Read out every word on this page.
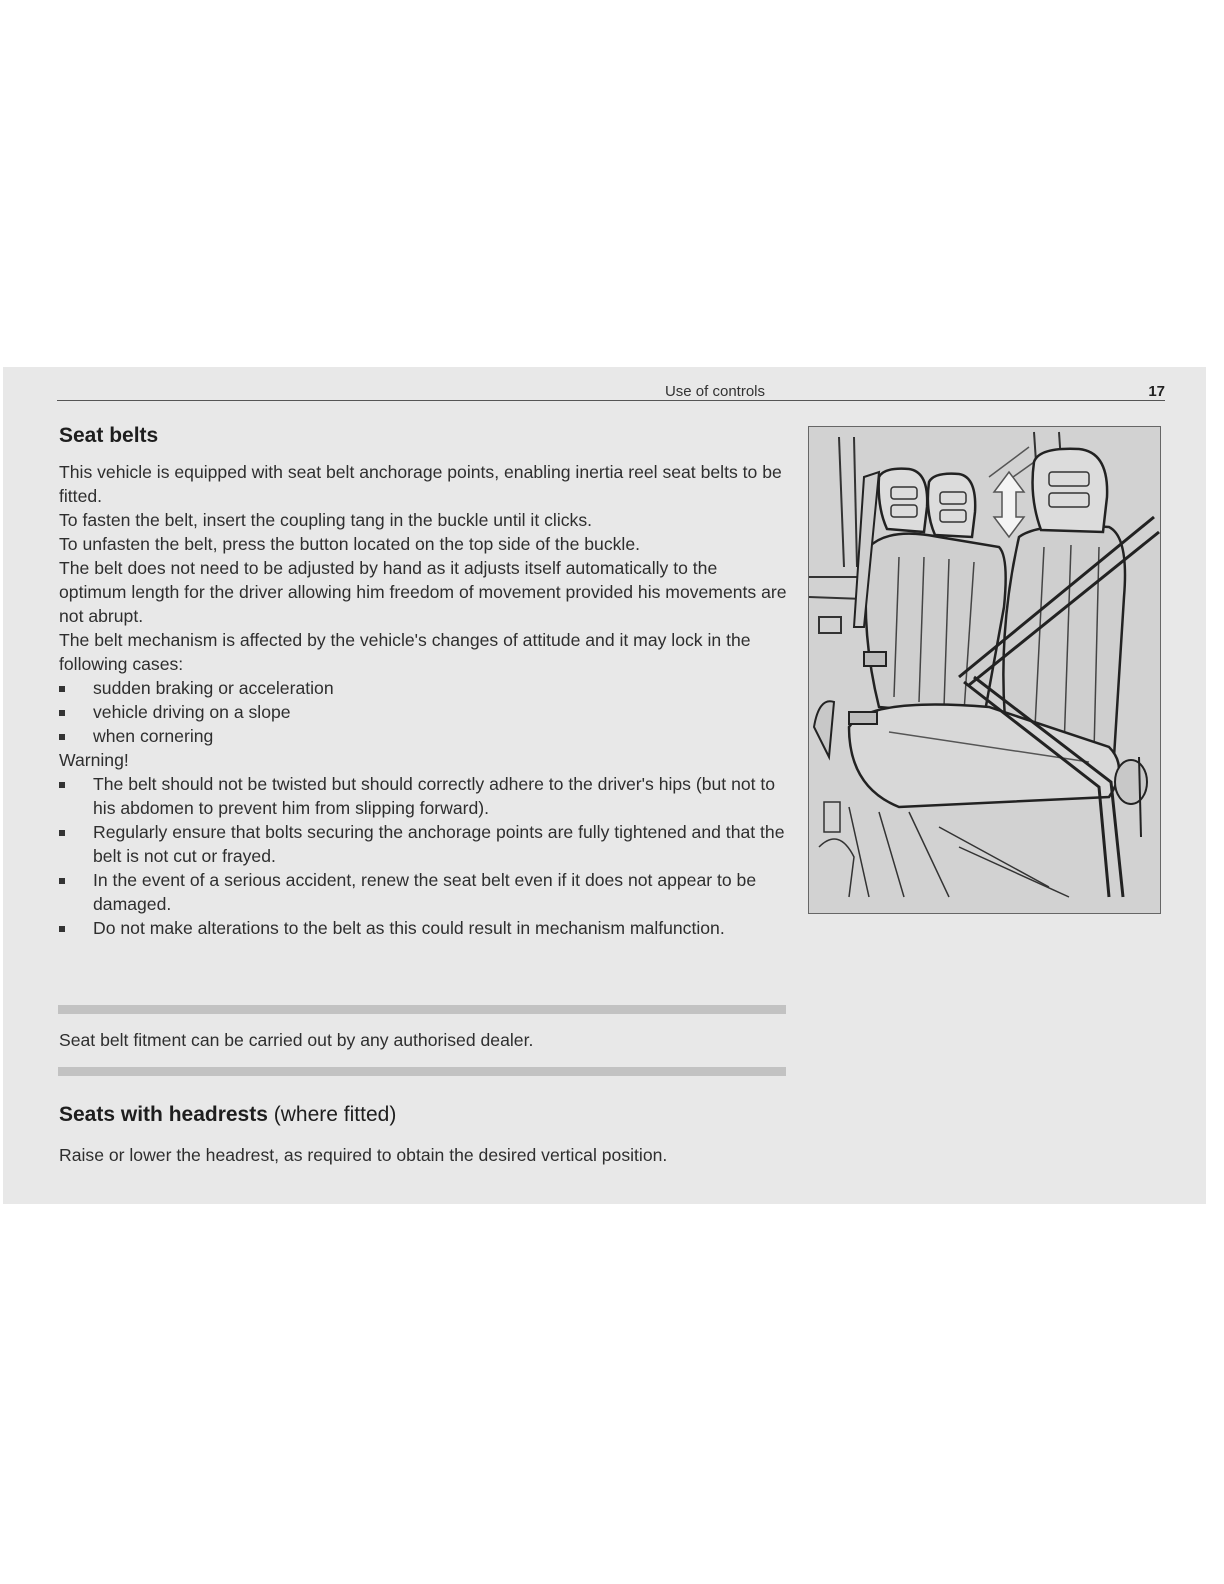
Use of controls	17
Seat belts

This vehicle is equipped with seat belt anchorage points, enabling inertia reel seat belts to be fitted.

To fasten the belt, insert the coupling tang in the buckle until it clicks.

To unfasten the belt, press the button located on the top side of the buckle.

The belt does not need to be adjusted by hand as it adjusts itself automatically to the optimum length for the driver allowing him freedom of movement provided his movements are not abrupt.

The belt mechanism is affected by the vehicle's changes of attitude and it may lock in the following cases:

sudden braking or acceleration
vehicle driving on a slope
when cornering

Warning!

The belt should not be twisted but should correctly adhere to the driver's hips (but not to his abdomen to prevent him from slipping forward).
Regularly ensure that bolts securing the anchorage points are fully tightened and that the belt is not cut or frayed.
In the event of a serious accident, renew the seat belt even if it does not appear to be damaged.
Do not make alterations to the belt as this could result in mechanism malfunction.
Seat belt fitment can be carried out by any authorised dealer.
Seats with headrests (where fitted)
Raise or lower the headrest, as required to obtain the desired vertical position.
